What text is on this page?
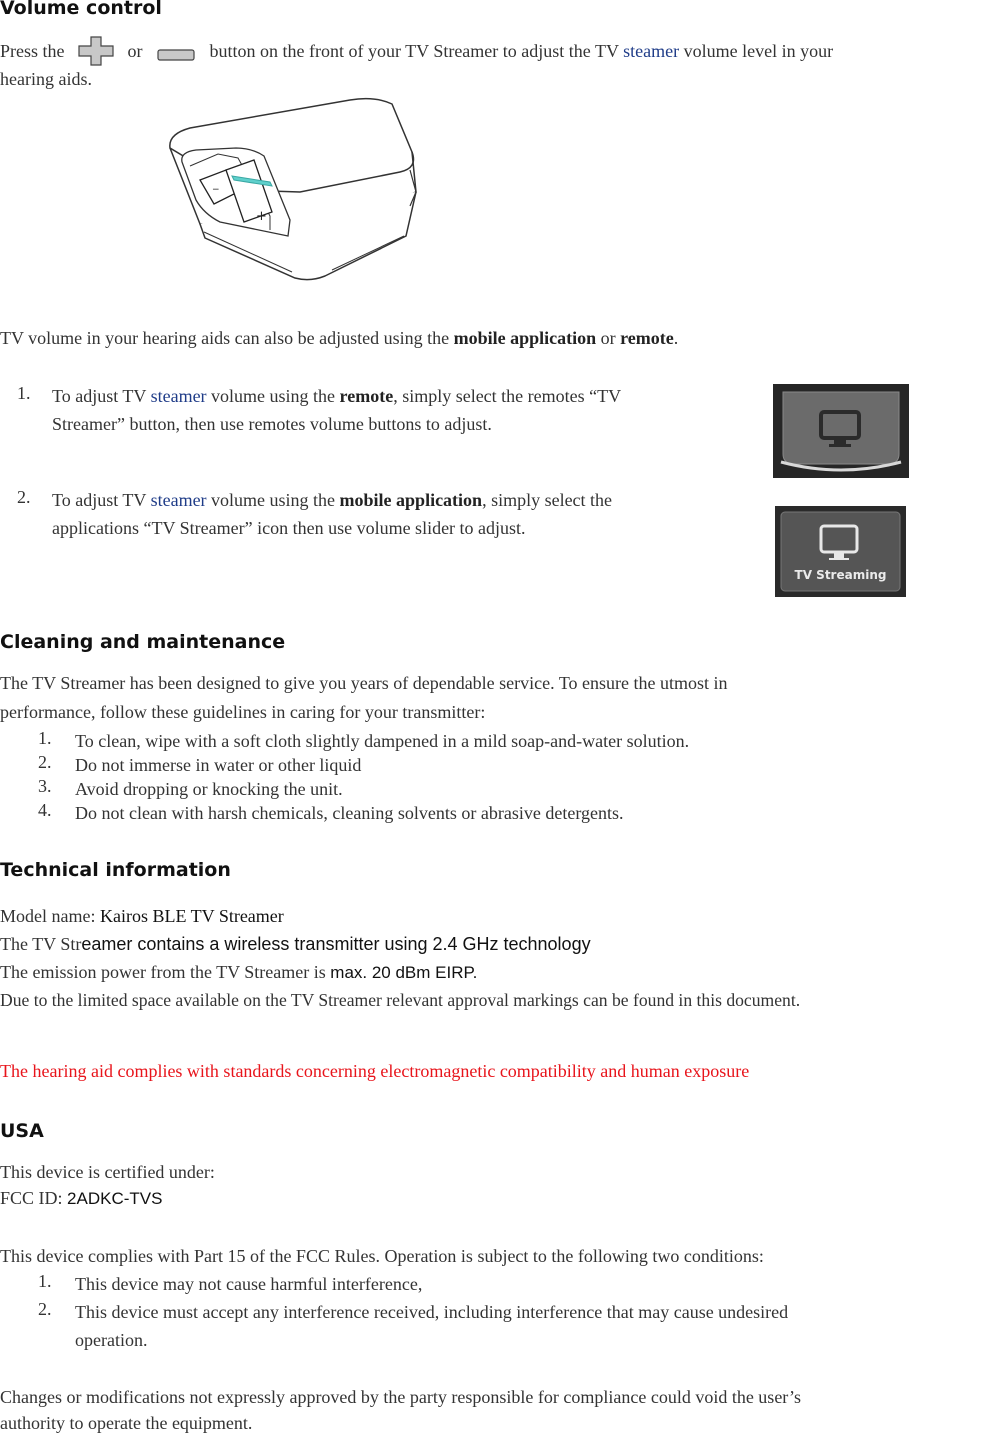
Volume control
Press the	or	button on the front of your TV Streamer to adjust the TV steamer volume level in your
hearing aids.
−
+
TV volume in your hearing aids can also be adjusted using the mobile application or remote.
1. To adjust TV steamer volume using the remote, simply select the remotes “TV
Streamer” button, then use remotes volume buttons to adjust.
2. To adjust TV steamer volume using the mobile application, simply select the
applications “TV Streamer” icon then use volume slider to adjust.
TV Streaming
Cleaning and maintenance
The TV Streamer has been designed to give you years of dependable service. To ensure the utmost in
performance, follow these guidelines in caring for your transmitter:
1. To clean, wipe with a soft cloth slightly dampened in a mild soap-and-water solution.
2. Do not immerse in water or other liquid
3. Avoid dropping or knocking the unit.
4. Do not clean with harsh chemicals, cleaning solvents or abrasive detergents.
Technical information
Model name: Kairos BLE TV Streamer
The TV Streamer contains a wireless transmitter using 2.4 GHz technology
The emission power from the TV Streamer is max. 20 dBm EIRP.
Due to the limited space available on the TV Streamer relevant approval markings can be found in this document.
The hearing aid complies with standards concerning electromagnetic compatibility and human exposure
USA
This device is certified under:
FCC ID: 2ADKC-TVS
This device complies with Part 15 of the FCC Rules. Operation is subject to the following two conditions:
1. This device may not cause harmful interference,
2. This device must accept any interference received, including interference that may cause undesired
operation.
Changes or modifications not expressly approved by the party responsible for compliance could void the user’s
authority to operate the equipment.
